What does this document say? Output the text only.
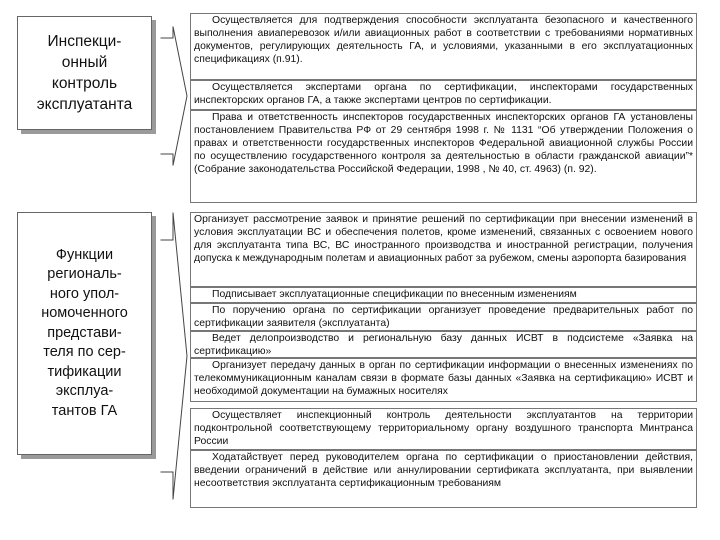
Инспекци-
онный
контроль
эксплуатанта
Осуществляется для подтверждения способности эксплуатанта безопасного и качественного выполнения авиаперевозок и/или авиационных работ в соответствии с требованиями нормативных документов, регулирующих деятельность ГА, и условиями, указанными в его эксплуатационных спецификациях (п.91).
Осуществляется экспертами органа по сертификации, инспекторами государственных инспекторских органов ГА, а также экспертами центров по сертификации.
Права и ответственность инспекторов государственных инспекторских органов ГА установлены постановлением Правительства РФ от 29 сентября 1998 г. № 1131 “Об утверждении Положения о правах и ответственности государственных инспекторов Федеральной авиационной службы России по осуществлению государственного контроля за деятельностью в области гражданской авиации”* (Собрание законодательства Российской Федерации, 1998 , № 40, ст. 4963) (п. 92).
Функции
региональ-
ного упол-
номоченного
представи-
теля по сер-
тификации
эксплуа-
тантов ГА
Организует рассмотрение заявок и принятие решений по сертификации при внесении изменений в условия эксплуатации ВС и обеспечения полетов, кроме изменений, связанных с освоением нового для эксплуатанта типа ВС, ВС иностранного производства и иностранной регистрации, получения допуска к международным полетам и авиационных работ за рубежом, смены аэропорта базирования
Подписывает эксплуатационные спецификации по внесенным изменениям
По поручению органа по сертификации организует проведение предварительных работ по сертификации заявителя (эксплуатанта)
Ведет делопроизводство и региональную базу данных ИСВТ в подсистеме «Заявка на сертификацию»
Организует передачу данных в орган по сертификации информации о внесенных изменениях по телекоммуникационным каналам связи в формате базы данных «Заявка на сертификацию» ИСВТ и необходимой документации на бумажных носителях
Осуществляет инспекционный контроль деятельности эксплуатантов на территории подконтрольной соответствующему территориальному органу воздушного транспорта Минтранса России
Ходатайствует перед руководителем органа по сертификации о приостановлении действия, введении ограничений в действие или аннулировании сертификата эксплуатанта, при выявлении несоответствия эксплуатанта сертификационным требованиям
